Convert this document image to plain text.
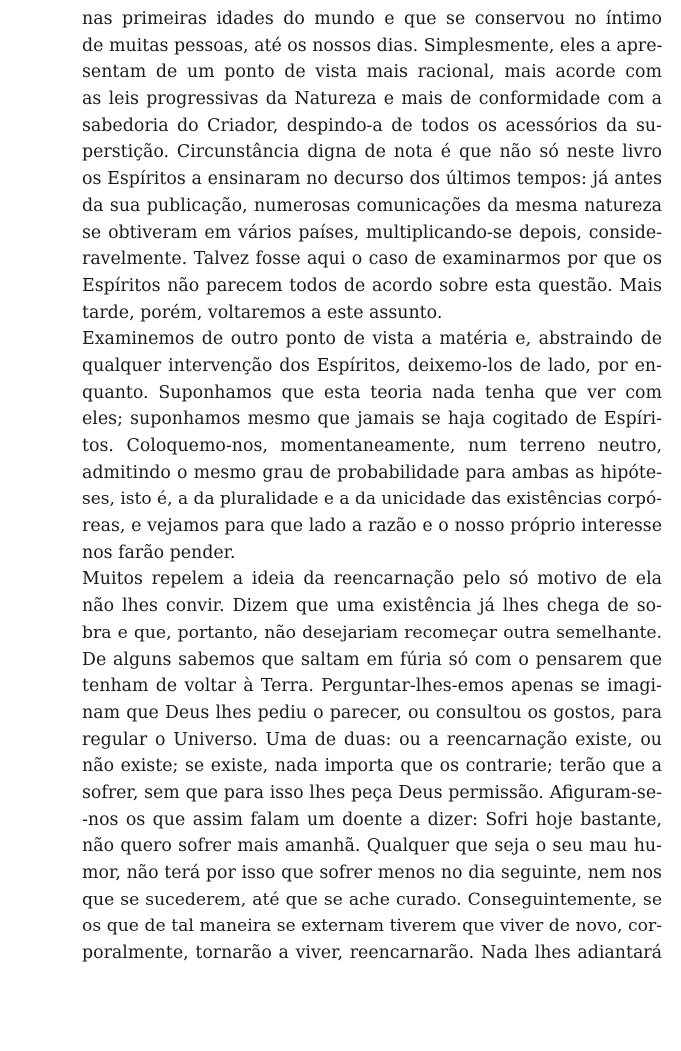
nas primeiras idades do mundo e que se conservou no íntimo
de muitas pessoas, até os nossos dias. Simplesmente, eles a apre-
sentam de um ponto de vista mais racional, mais acorde com
as leis progressivas da Natureza e mais de conformidade com a
sabedoria do Criador, despindo-a de todos os acessórios da su-
perstição. Circunstância digna de nota é que não só neste livro
os Espíritos a ensinaram no decurso dos últimos tempos: já antes
da sua publicação, numerosas comunicações da mesma natureza
se obtiveram em vários países, multiplicando-se depois, conside-
ravelmente. Talvez fosse aqui o caso de examinarmos por que os
Espíritos não parecem todos de acordo sobre esta questão. Mais
tarde, porém, voltaremos a este assunto.
Examinemos de outro ponto de vista a matéria e, abstraindo de
qualquer intervenção dos Espíritos, deixemo-los de lado, por en-
quanto. Suponhamos que esta teoria nada tenha que ver com
eles; suponhamos mesmo que jamais se haja cogitado de Espíri-
tos. Coloquemo-nos, momentaneamente, num terreno neutro,
admitindo o mesmo grau de probabilidade para ambas as hipóte-
ses, isto é, a da pluralidade e a da unicidade das existências corpó-
reas, e vejamos para que lado a razão e o nosso próprio interesse
nos farão pender.
Muitos repelem a ideia da reencarnação pelo só motivo de ela
não lhes convir. Dizem que uma existência já lhes chega de so-
bra e que, portanto, não desejariam recomeçar outra semelhante.
De alguns sabemos que saltam em fúria só com o pensarem que
tenham de voltar à Terra. Perguntar-lhes-emos apenas se imagi-
nam que Deus lhes pediu o parecer, ou consultou os gostos, para
regular o Universo. Uma de duas: ou a reencarnação existe, ou
não existe; se existe, nada importa que os contrarie; terão que a
sofrer, sem que para isso lhes peça Deus permissão. Afiguram-se-
-nos os que assim falam um doente a dizer: Sofri hoje bastante,
não quero sofrer mais amanhã. Qualquer que seja o seu mau hu-
mor, não terá por isso que sofrer menos no dia seguinte, nem nos
que se sucederem, até que se ache curado. Conseguintemente, se
os que de tal maneira se externam tiverem que viver de novo, cor-
poralmente, tornarão a viver, reencarnarão. Nada lhes adiantará
